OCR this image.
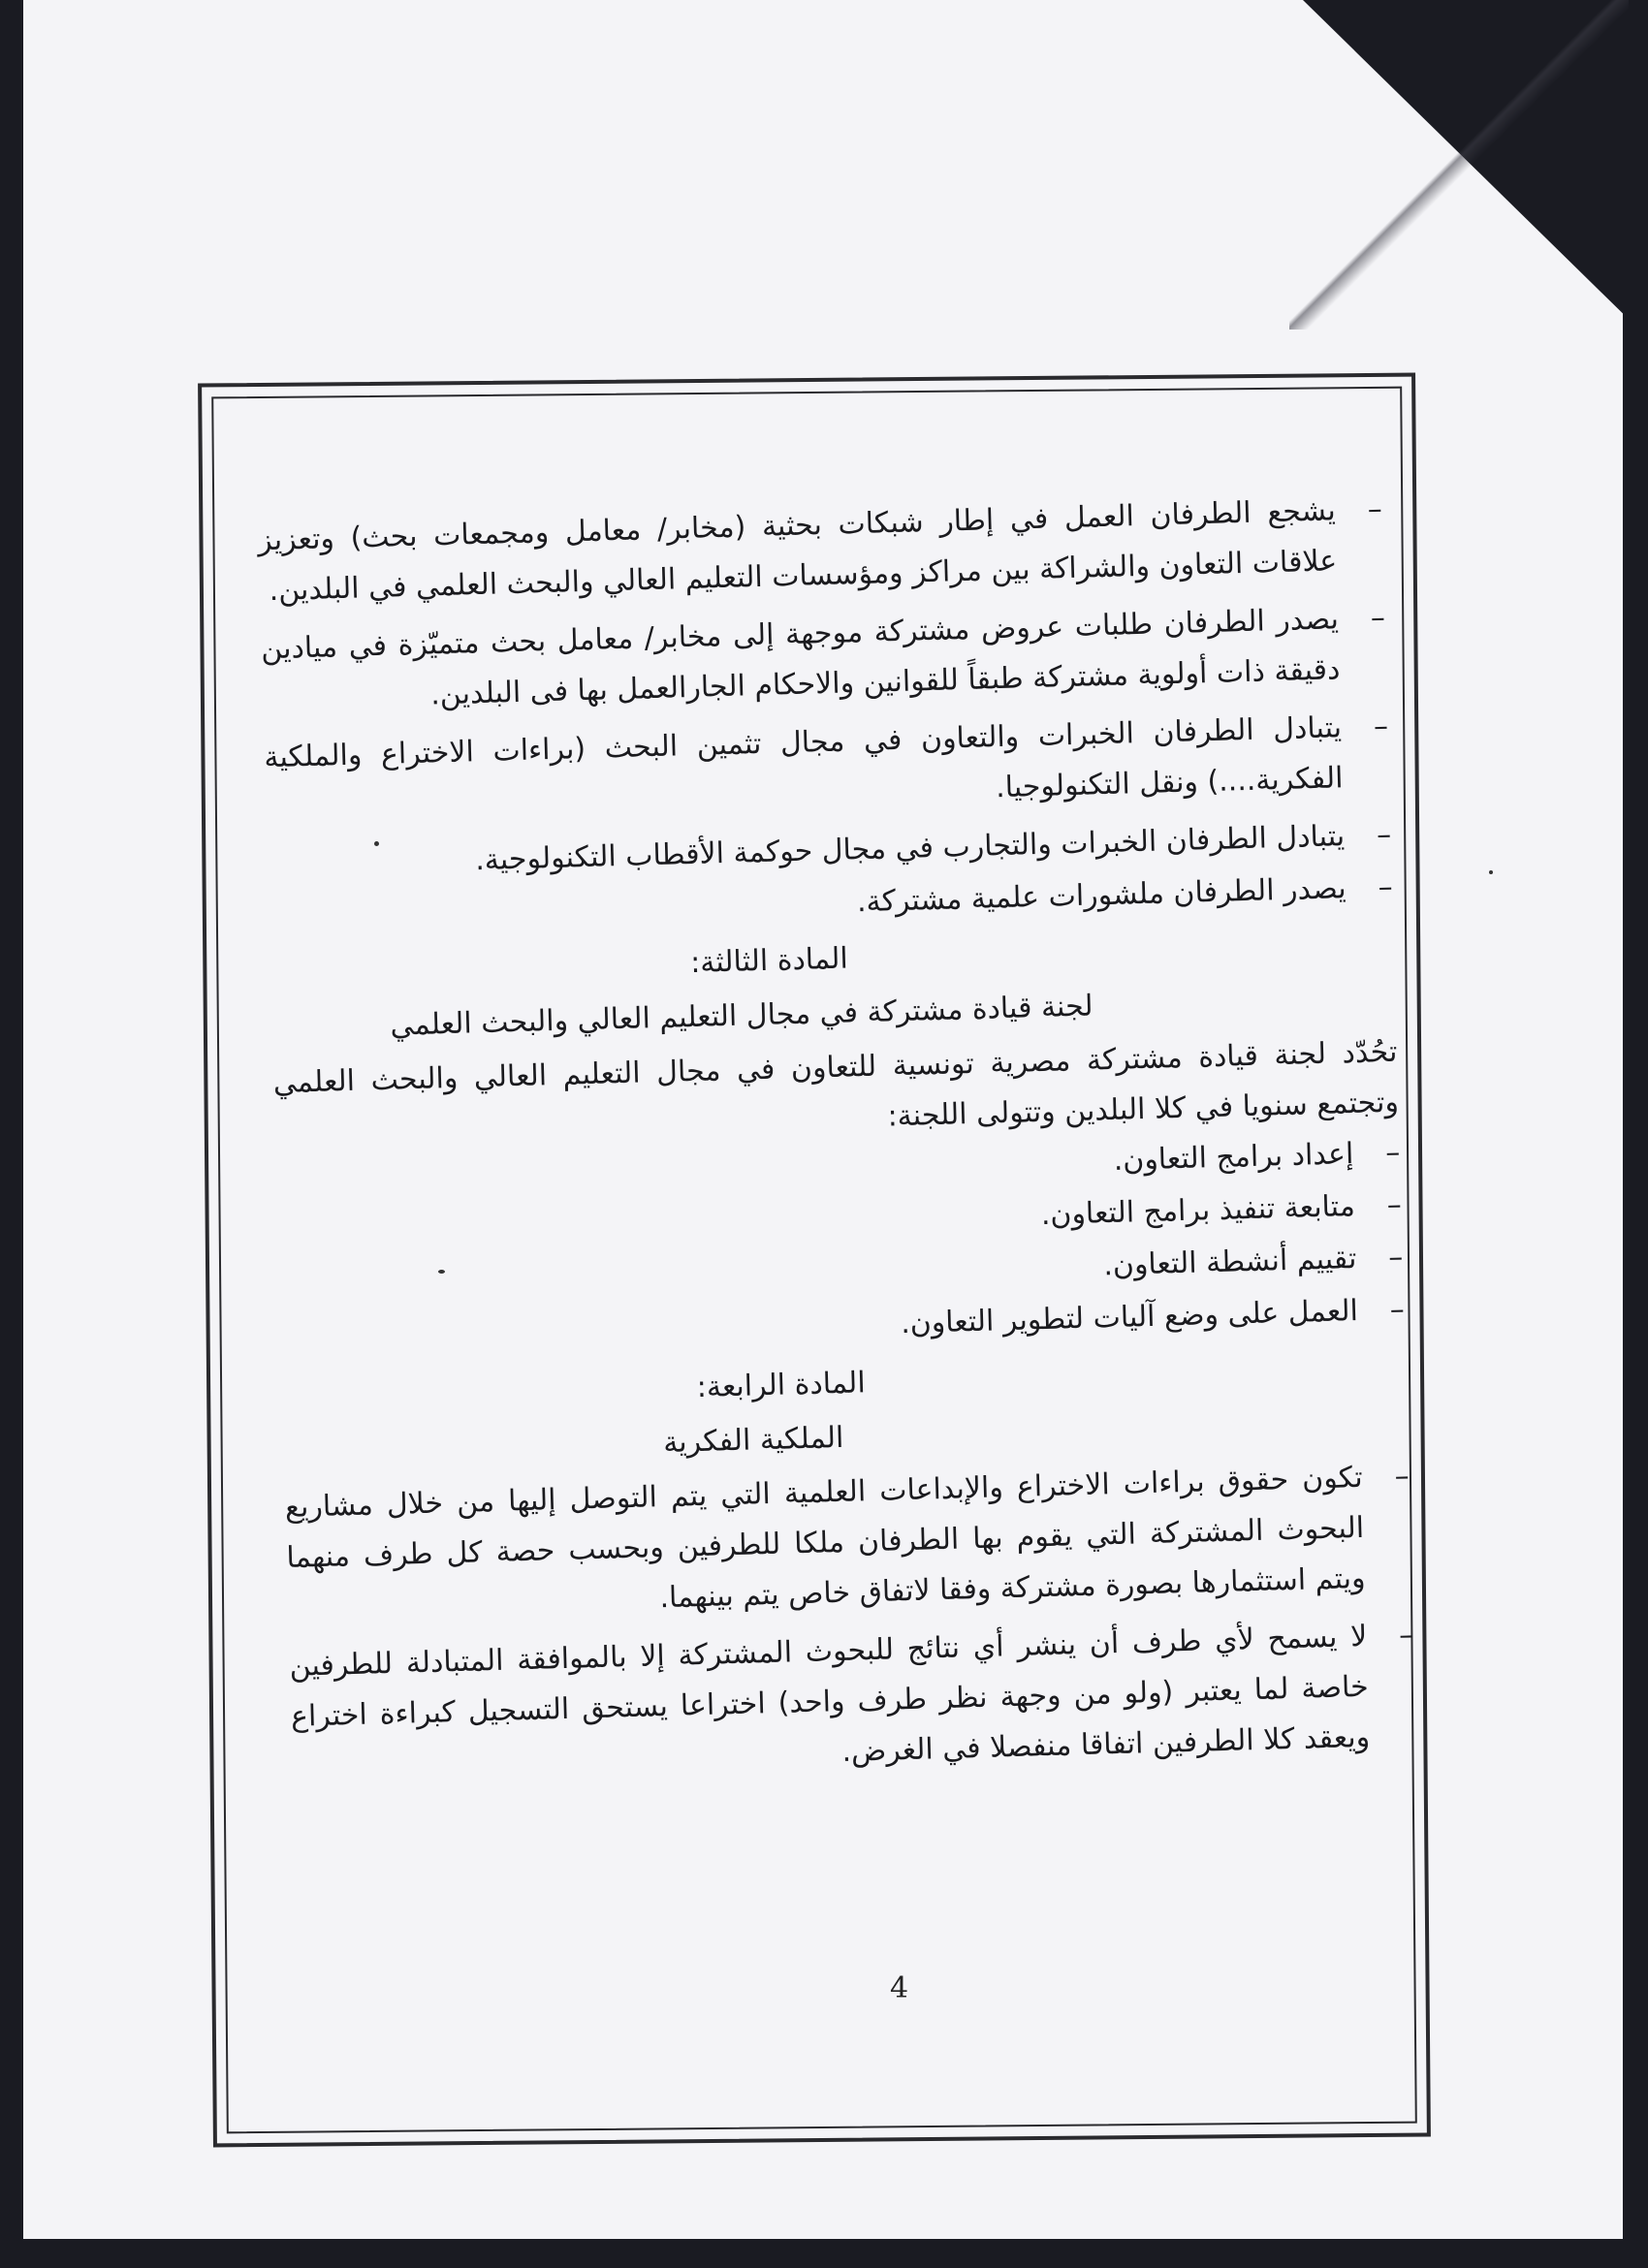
–
يشجع الطرفان العمل في إطار شبكات بحثية (مخابر/ معامل ومجمعات بحث) وتعزيز علاقات التعاون والشراكة بين مراكز ومؤسسات التعليم العالي والبحث العلمي في البلدين.

–
يصدر الطرفان طلبات عروض مشتركة موجهة إلى مخابر/ معامل بحث متميّزة في ميادين دقيقة ذات أولوية مشتركة طبقاً للقوانين والاحكام الجارالعمل بها فى البلدين.

–
يتبادل الطرفان الخبرات والتعاون في مجال تثمين البحث (براءات الاختراع والملكية الفكرية....) ونقل التكنولوجيا.

–
يتبادل الطرفان الخبرات والتجارب في مجال حوكمة الأقطاب التكنولوجية.

–
يصدر الطرفان ملشورات علمية مشتركة.

المادة الثالثة:
لجنة قيادة مشتركة في مجال التعليم العالي والبحث العلمي

تحُدّد لجنة قيادة مشتركة مصرية تونسية للتعاون في مجال التعليم العالي والبحث العلمي وتجتمع سنويا في كلا البلدين وتتولى اللجنة:

–
إعداد برامج التعاون.

–
متابعة تنفيذ برامج التعاون.

–
تقييم أنشطة التعاون.

–
العمل على وضع آليات لتطوير التعاون.

المادة الرابعة:
الملكية الفكرية

–
تكون حقوق براءات الاختراع والإبداعات العلمية التي يتم التوصل إليها من خلال مشاريع البحوث المشتركة التي يقوم بها الطرفان ملكا للطرفين وبحسب حصة كل طرف منهما ويتم استثمارها بصورة مشتركة وفقا لاتفاق خاص يتم بينهما.

–
لا يسمح لأي طرف أن ينشر أي نتائج للبحوث المشتركة إلا بالموافقة المتبادلة للطرفين خاصة لما يعتبر (ولو من وجهة نظر طرف واحد) اختراعا يستحق التسجيل كبراءة اختراع ويعقد كلا الطرفين اتفاقا منفصلا في الغرض.

4
